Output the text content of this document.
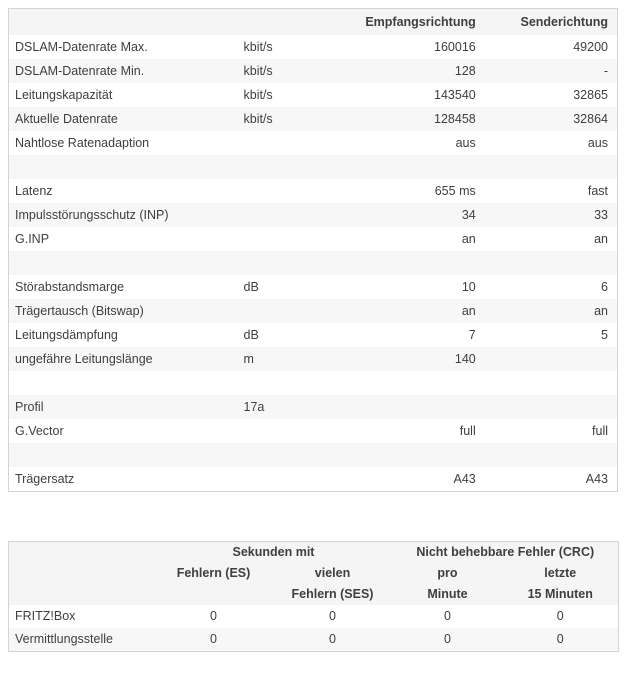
		Empfangsrichtung	Senderichtung
DSLAM-Datenrate Max.	kbit/s	160016	49200
DSLAM-Datenrate Min.	kbit/s	128	-
Leitungskapazität	kbit/s	143540	32865
Aktuelle Datenrate	kbit/s	128458	32864
Nahtlose Ratenadaption		aus	aus

Latenz		655 ms	fast
Impulsstörungsschutz (INP)		34	33
G.INP		an	an

Störabstandsmarge	dB	10	6
Trägertausch (Bitswap)		an	an
Leitungsdämpfung	dB	7	5
ungefähre Leitungslänge	m	140	

Profil	17a		
G.Vector		full	full

Trägersatz		A43	A43
	Sekunden mit		Nicht behebbare Fehler (CRC)	
	Fehlern (ES)	vielen	pro	letzte
		Fehlern (SES)	Minute	15 Minuten
FRITZ!Box	0	0	0	0
Vermittlungsstelle	0	0	0	0
